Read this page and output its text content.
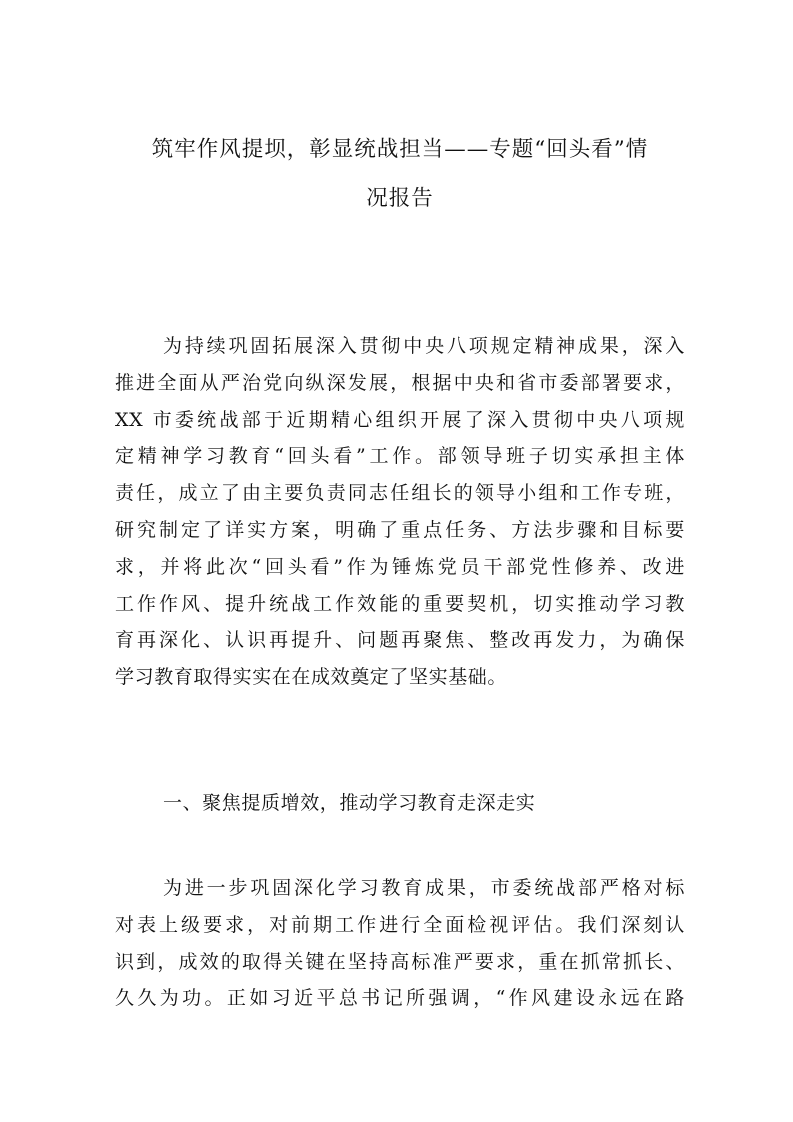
筑牢作风提坝，彰显统战担当——专题“回头看”情
况报告
为持续巩固拓展深入贯彻中央八项规定精神成果，深入
推进全面从严治党向纵深发展，根据中央和省市委部署要求，
XX 市委统战部于近期精心组织开展了深入贯彻中央八项规
定精神学习教育“回头看”工作。部领导班子切实承担主体
责任，成立了由主要负责同志任组长的领导小组和工作专班，
研究制定了详实方案，明确了重点任务、方法步骤和目标要
求，并将此次“回头看”作为锤炼党员干部党性修养、改进
工作作风、提升统战工作效能的重要契机，切实推动学习教
育再深化、认识再提升、问题再聚焦、整改再发力，为确保
学习教育取得实实在在成效奠定了坚实基础。
一、聚焦提质增效，推动学习教育走深走实
为进一步巩固深化学习教育成果，市委统战部严格对标
对表上级要求，对前期工作进行全面检视评估。我们深刻认
识到，成效的取得关键在坚持高标准严要求，重在抓常抓长、
久久为功。正如习近平总书记所强调，“作风建设永远在路
